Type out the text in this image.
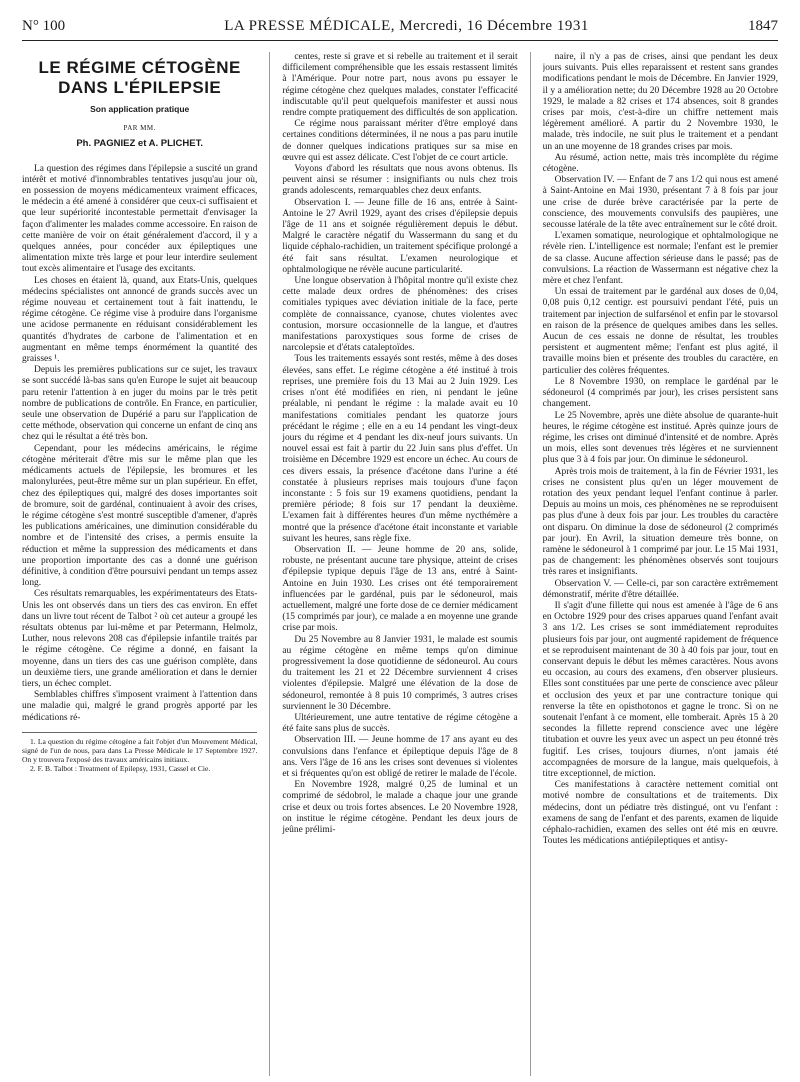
N° 100	LA PRESSE MÉDICALE, Mercredi, 16 Décembre 1931	1847
LE RÉGIME CÉTOGÈNE
DANS L'ÉPILEPSIE
Son application pratique
PAR MM.
Ph. PAGNIEZ et A. PLICHET.

La question des régimes dans l'épilepsie a suscité un grand intérêt et motivé d'innombrables tentatives jusqu'au jour où, en possession de moyens médicamenteux vraiment efficaces, le médecin a été amené à considérer que ceux-ci suffisaient et que leur supériorité incontestable permettait d'envisager la façon d'alimenter les malades comme accessoire. En raison de cette manière de voir on était généralement d'accord, il y a quelques années, pour concéder aux épileptiques une alimentation mixte très large et pour leur interdire seulement tout excès alimentaire et l'usage des excitants.

Les choses en étaient là, quand, aux Etats-Unis, quelques médecins spécialistes ont annoncé de grands succès avec un régime nouveau et certainement tout à fait inattendu, le régime cétogène. Ce régime vise à produire dans l'organisme une acidose permanente en réduisant considérablement les quantités d'hydrates de carbone de l'alimentation et en augmentant en même temps énormément la quantité des graisses ¹.

Depuis les premières publications sur ce sujet, les travaux se sont succédé là-bas sans qu'en Europe le sujet ait beaucoup paru retenir l'attention à en juger du moins par le très petit nombre de publications de contrôle. En France, en particulier, seule une observation de Dupérié a paru sur l'application de cette méthode, observation qui concerne un enfant de cinq ans chez qui le résultat a été très bon.

Cependant, pour les médecins américains, le régime cétogène mériterait d'être mis sur le même plan que les médicaments actuels de l'épilepsie, les bromures et les malonylurées, peut-être même sur un plan supérieur. En effet, chez des épileptiques qui, malgré des doses importantes soit de bromure, soit de gardénal, continuaient à avoir des crises, le régime cétogène s'est montré susceptible d'amener, d'après les publications américaines, une diminution considérable du nombre et de l'intensité des crises, a permis ensuite la réduction et même la suppression des médicaments et dans une proportion importante des cas a donné une guérison définitive, à condition d'être poursuivi pendant un temps assez long.

Ces résultats remarquables, les expérimentateurs des Etats-Unis les ont observés dans un tiers des cas environ. En effet dans un livre tout récent de Talbot ² où cet auteur a groupé les résultats obtenus par lui-même et par Petermann, Helmolz, Luther, nous relevons 208 cas d'épilepsie infantile traités par le régime cétogène. Ce régime a donné, en faisant la moyenne, dans un tiers des cas une guérison complète, dans un deuxième tiers, une grande amélioration et dans le dernier tiers, un échec complet.

Semblables chiffres s'imposent vraiment à l'attention dans une maladie qui, malgré le grand progrès apporté par les médications ré-

1. La question du régime cétogène a fait l'objet d'un Mouvement Médical, signé de l'un de nous, para dans La Presse Médicale le 17 Septembre 1927. On y trouvera l'exposé des travaux américains initiaux.

2. F. B. Talbot : Treatment of Epilepsy, 1931, Cassel et Cie.

centes, reste si grave et si rebelle au traitement et il serait difficilement compréhensible que les essais restassent limités à l'Amérique. Pour notre part, nous avons pu essayer le régime cétogène chez quelques malades, constater l'efficacité indiscutable qu'il peut quelquefois manifester et aussi nous rendre compte pratiquement des difficultés de son application.

Ce régime nous paraissant mériter d'être employé dans certaines conditions déterminées, il ne nous a pas paru inutile de donner quelques indications pratiques sur sa mise en œuvre qui est assez délicate. C'est l'objet de ce court article.

Voyons d'abord les résultats que nous avons obtenus. Ils peuvent ainsi se résumer : insignifiants ou nuls chez trois grands adolescents, remarquables chez deux enfants.

Observation I. — Jeune fille de 16 ans, entrée à Saint-Antoine le 27 Avril 1929, ayant des crises d'épilepsie depuis l'âge de 11 ans et soignée régulièrement depuis le début. Malgré le caractère négatif du Wassermann du sang et du liquide céphalo-rachidien, un traitement spécifique prolongé a été fait sans résultat. L'examen neurologique et ophtalmologique ne révèle aucune particularité.

Une longue observation à l'hôpital montre qu'il existe chez cette malade deux ordres de phénomènes: des crises comitiales typiques avec déviation initiale de la face, perte complète de connaissance, cyanose, chutes violentes avec contusion, morsure occasionnelle de la langue, et d'autres manifestations paroxystiques sous forme de crises de narcolepsie et d'états cataleptoïdes.

Tous les traitements essayés sont restés, même à des doses élevées, sans effet. Le régime cétogène a été institué à trois reprises, une première fois du 13 Mai au 2 Juin 1929. Les crises n'ont été modifiées en rien, ni pendant le jeûne préalable, ni pendant le régime : la malade avait eu 10 manifestations comitiales pendant les quatorze jours précédant le régime ; elle en a eu 14 pendant les vingt-deux jours du régime et 4 pendant les dix-neuf jours suivants. Un nouvel essai est fait à partir du 22 Juin sans plus d'effet. Un troisième en Décembre 1929 est encore un échec. Au cours de ces divers essais, la présence d'acétone dans l'urine a été constatée à plusieurs reprises mais toujours d'une façon inconstante : 5 fois sur 19 examens quotidiens, pendant la première période; 8 fois sur 17 pendant la deuxième. L'examen fait à différentes heures d'un même nycthémère a montré que la présence d'acétone était inconstante et variable suivant les heures, sans règle fixe.

Observation II. — Jeune homme de 20 ans, solide, robuste, ne présentant aucune tare physique, atteint de crises d'épilepsie typique depuis l'âge de 13 ans, entré à Saint-Antoine en Juin 1930. Les crises ont été temporairement influencées par le gardénal, puis par le sédoneurol, mais actuellement, malgré une forte dose de ce dernier médicament (15 comprimés par jour), ce malade a en moyenne une grande crise par mois.

Du 25 Novembre au 8 Janvier 1931, le malade est soumis au régime cétogène en même temps qu'on diminue progressivement la dose quotidienne de sédoneurol. Au cours du traitement les 21 et 22 Décembre surviennent 4 crises violentes d'épilepsie. Malgré une élévation de la dose de sédoneurol, remontée à 8 puis 10 comprimés, 3 autres crises surviennent le 30 Décembre.

Ultérieurement, une autre tentative de régime cétogène a été faite sans plus de succès.

Observation III. — Jeune homme de 17 ans ayant eu des convulsions dans l'enfance et épileptique depuis l'âge de 8 ans. Vers l'âge de 16 ans les crises sont devenues si violentes et si fréquentes qu'on est obligé de retirer le malade de l'école.

En Novembre 1928, malgré 0,25 de luminal et un comprimé de sédobrol, le malade a chaque jour une grande crise et deux ou trois fortes absences. Le 20 Novembre 1928, on institue le régime cétogène. Pendant les deux jours de jeûne prélimi-

naire, il n'y a pas de crises, ainsi que pendant les deux jours suivants. Puis elles reparaissent et restent sans grandes modifications pendant le mois de Décembre. En Janvier 1929, il y a amélioration nette; du 20 Décembre 1928 au 20 Octobre 1929, le malade a 82 crises et 174 absences, soit 8 grandes crises par mois, c'est-à-dire un chiffre nettement mais légèrement amélioré. A partir du 2 Novembre 1930, le malade, très indocile, ne suit plus le traitement et a pendant un an une moyenne de 18 grandes crises par mois.

Au résumé, action nette, mais très incomplète du régime cétogène.

Observation IV. — Enfant de 7 ans 1/2 qui nous est amené à Saint-Antoine en Mai 1930, présentant 7 à 8 fois par jour une crise de durée brève caractérisée par la perte de conscience, des mouvements convulsifs des paupières, une secousse latérale de la tête avec entraînement sur le côté droit.

L'examen somatique, neurologique et ophtalmologique ne révèle rien. L'intelligence est normale; l'enfant est le premier de sa classe. Aucune affection sérieuse dans le passé; pas de convulsions. La réaction de Wassermann est négative chez la mère et chez l'enfant.

Un essai de traitement par le gardénal aux doses de 0,04, 0,08 puis 0,12 centigr. est poursuivi pendant l'été, puis un traitement par injection de sulfarsénol et enfin par le stovarsol en raison de la présence de quelques amibes dans les selles. Aucun de ces essais ne donne de résultat, les troubles persistent et augmentent même; l'enfant est plus agité, il travaille moins bien et présente des troubles du caractère, en particulier des colères fréquentes.

Le 8 Novembre 1930, on remplace le gardénal par le sédoneurol (4 comprimés par jour), les crises persistent sans changement.

Le 25 Novembre, après une diète absolue de quarante-huit heures, le régime cétogène est institué. Après quinze jours de régime, les crises ont diminué d'intensité et de nombre. Après un mois, elles sont devenues très légères et ne surviennent plus que 3 à 4 fois par jour. On diminue le sédoneurol.

Après trois mois de traitement, à la fin de Février 1931, les crises ne consistent plus qu'en un léger mouvement de rotation des yeux pendant lequel l'enfant continue à parler. Depuis au moins un mois, ces phénomènes ne se reproduisent pas plus d'une à deux fois par jour. Les troubles du caractère ont disparu. On diminue la dose de sédoneurol (2 comprimés par jour). En Avril, la situation demeure très bonne, on ramène le sédoneurol à 1 comprimé par jour. Le 15 Mai 1931, pas de changement: les phénomènes observés sont toujours très rares et insignifiants.

Observation V. — Celle-ci, par son caractère extrêmement démonstratif, mérite d'être détaillée.

Il s'agit d'une fillette qui nous est amenée à l'âge de 6 ans en Octobre 1929 pour des crises apparues quand l'enfant avait 3 ans 1/2. Les crises se sont immédiatement reproduites plusieurs fois par jour, ont augmenté rapidement de fréquence et se reproduisent maintenant de 30 à 40 fois par jour, tout en conservant depuis le début les mêmes caractères. Nous avons eu occasion, au cours des examens, d'en observer plusieurs. Elles sont constituées par une perte de conscience avec pâleur et occlusion des yeux et par une contracture tonique qui renverse la tête en opisthotonos et gagne le tronc. Si on ne soutenait l'enfant à ce moment, elle tomberait. Après 15 à 20 secondes la fillette reprend conscience avec une légère titubation et ouvre les yeux avec un aspect un peu étonné très fugitif. Les crises, toujours diurnes, n'ont jamais été accompagnées de morsure de la langue, mais quelquefois, à titre exceptionnel, de miction.

Ces manifestations à caractère nettement comitial ont motivé nombre de consultations et de traitements. Dix médecins, dont un pédiatre très distingué, ont vu l'enfant : examens de sang de l'enfant et des parents, examen de liquide céphalo-rachidien, examen des selles ont été mis en œuvre. Toutes les médications antiépileptiques et antisy-
